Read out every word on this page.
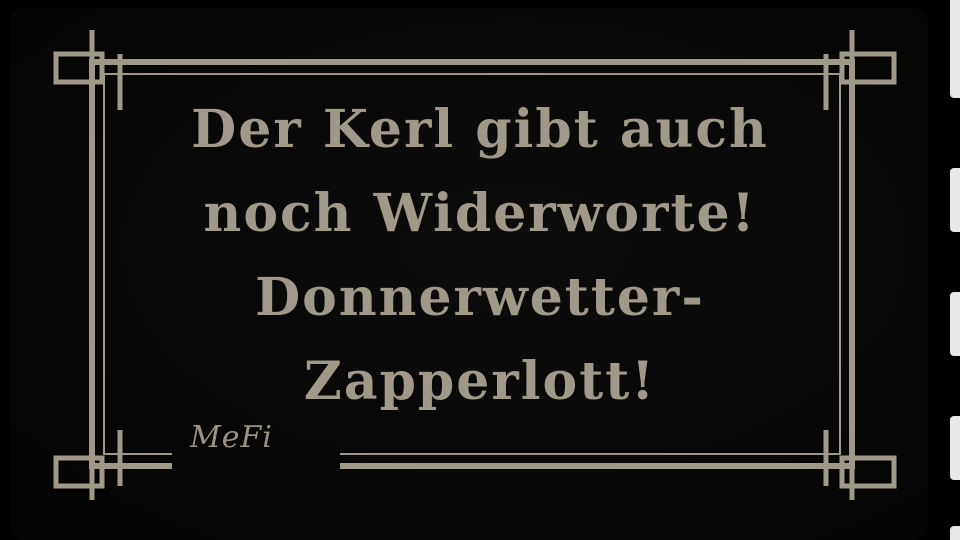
Der Kerl gibt auch
noch Widerworte!
Donnerwetter-
Zapperlott!
MeFi
